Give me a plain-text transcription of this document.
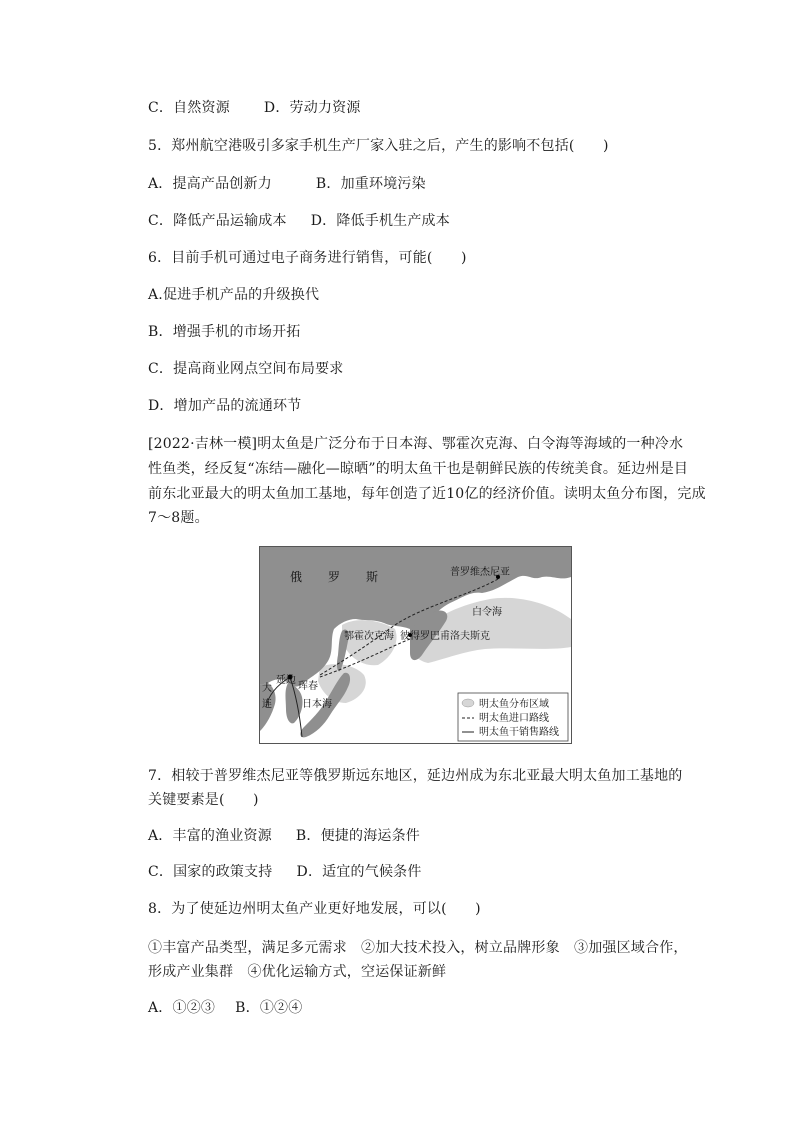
C．自然资源 D．劳动力资源
5．郑州航空港吸引多家手机生产厂家入驻之后，产生的影响不包括(　　)
A．提高产品创新力	B．加重环境污染
C．降低产品运输成本 D．降低手机生产成本
6．目前手机可通过电子商务进行销售，可能(　　)
A.促进手机产品的升级换代
B．增强手机的市场开拓
C．提高商业网点空间布局要求
D．增加产品的流通环节
[2022·吉林一模]明太鱼是广泛分布于日本海、鄂霍次克海、白令海等海域的一种冷水
性鱼类，经反复“冻结—融化—晾晒”的明太鱼干也是朝鲜民族的传统美食。延边州是目
前东北亚最大的明太鱼加工基地，每年创造了近10亿的经济价值。读明太鱼分布图，完成
7～8题。
俄 罗 斯	普罗维杰尼亚
白令海
鄂霍次克海 彼得罗巴甫洛夫斯克
延边
珲春
大
连	日本海	明太鱼分布区域
明太鱼进口路线
明太鱼干销售路线
7．相较于普罗维杰尼亚等俄罗斯远东地区，延边州成为东北亚最大明太鱼加工基地的
关键要素是(　　)
A．丰富的渔业资源 B．便捷的海运条件
C．国家的政策支持 D．适宜的气候条件
8．为了使延边州明太鱼产业更好地发展，可以(　　)
①丰富产品类型，满足多元需求　②加大技术投入，树立品牌形象　③加强区域合作，
形成产业集群　④优化运输方式，空运保证新鲜
A．①②③ B．①②④
